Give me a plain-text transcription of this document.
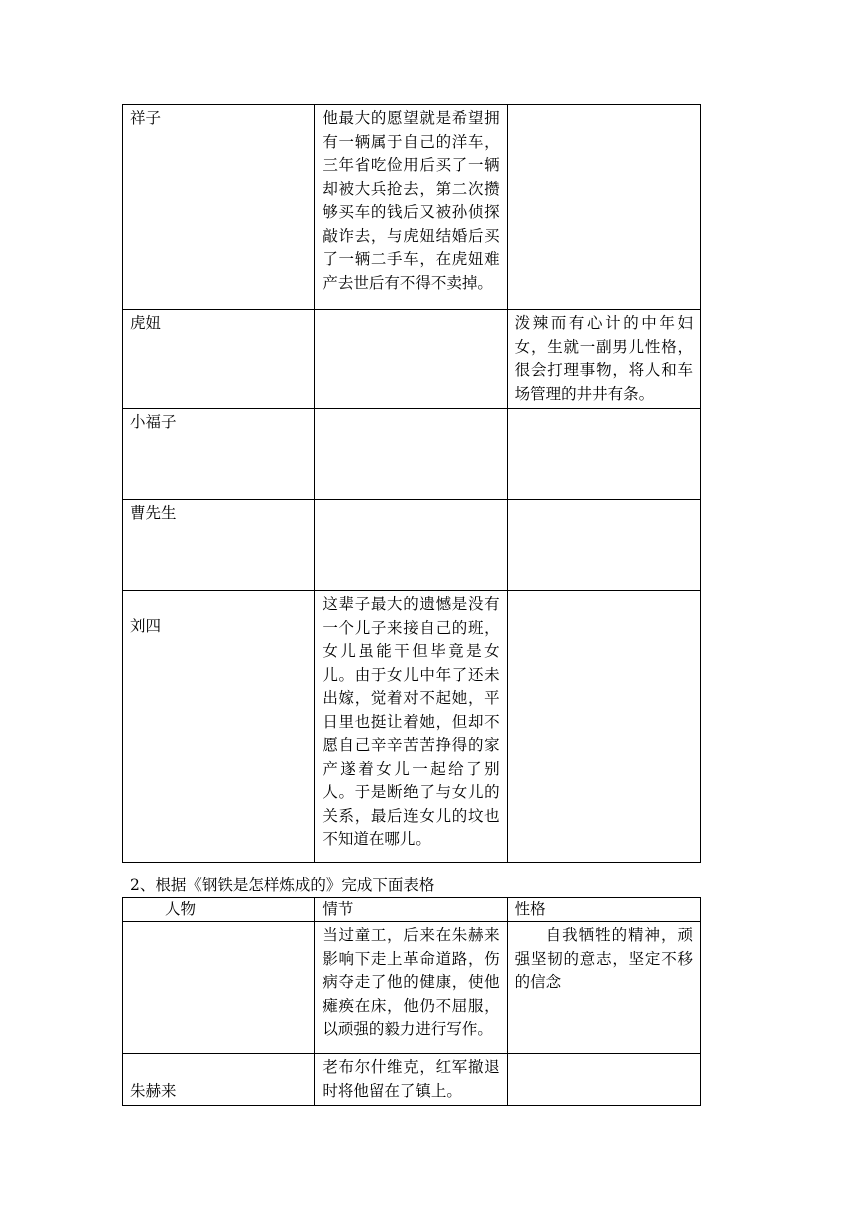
祥子	他最大的愿望就是希望拥有一辆属于自己的洋车，三年省吃俭用后买了一辆却被大兵抢去，第二次攒够买车的钱后又被孙侦探敲诈去，与虎妞结婚后买了一辆二手车，在虎妞难产去世后有不得不卖掉。	
虎妞		泼辣而有心计的中年妇女，生就一副男儿性格，很会打理事物，将人和车场管理的井井有条。
小福子		
曹先生		
刘四	这辈子最大的遗憾是没有一个儿子来接自己的班，女儿虽能干但毕竟是女儿。由于女儿中年了还未出嫁，觉着对不起她，平日里也挺让着她，但却不愿自己辛辛苦苦挣得的家产遂着女儿一起给了别人。于是断绝了与女儿的关系，最后连女儿的坟也不知道在哪儿。	

2、根据《钢铁是怎样炼成的》完成下面表格

人物	情节	性格
	当过童工，后来在朱赫来影响下走上革命道路，伤病夺走了他的健康，使他瘫痪在床，他仍不屈服，以顽强的毅力进行写作。	自我牺牲的精神，顽强坚韧的意志，坚定不移的信念
朱赫来	老布尔什维克，红军撤退时将他留在了镇上。	
